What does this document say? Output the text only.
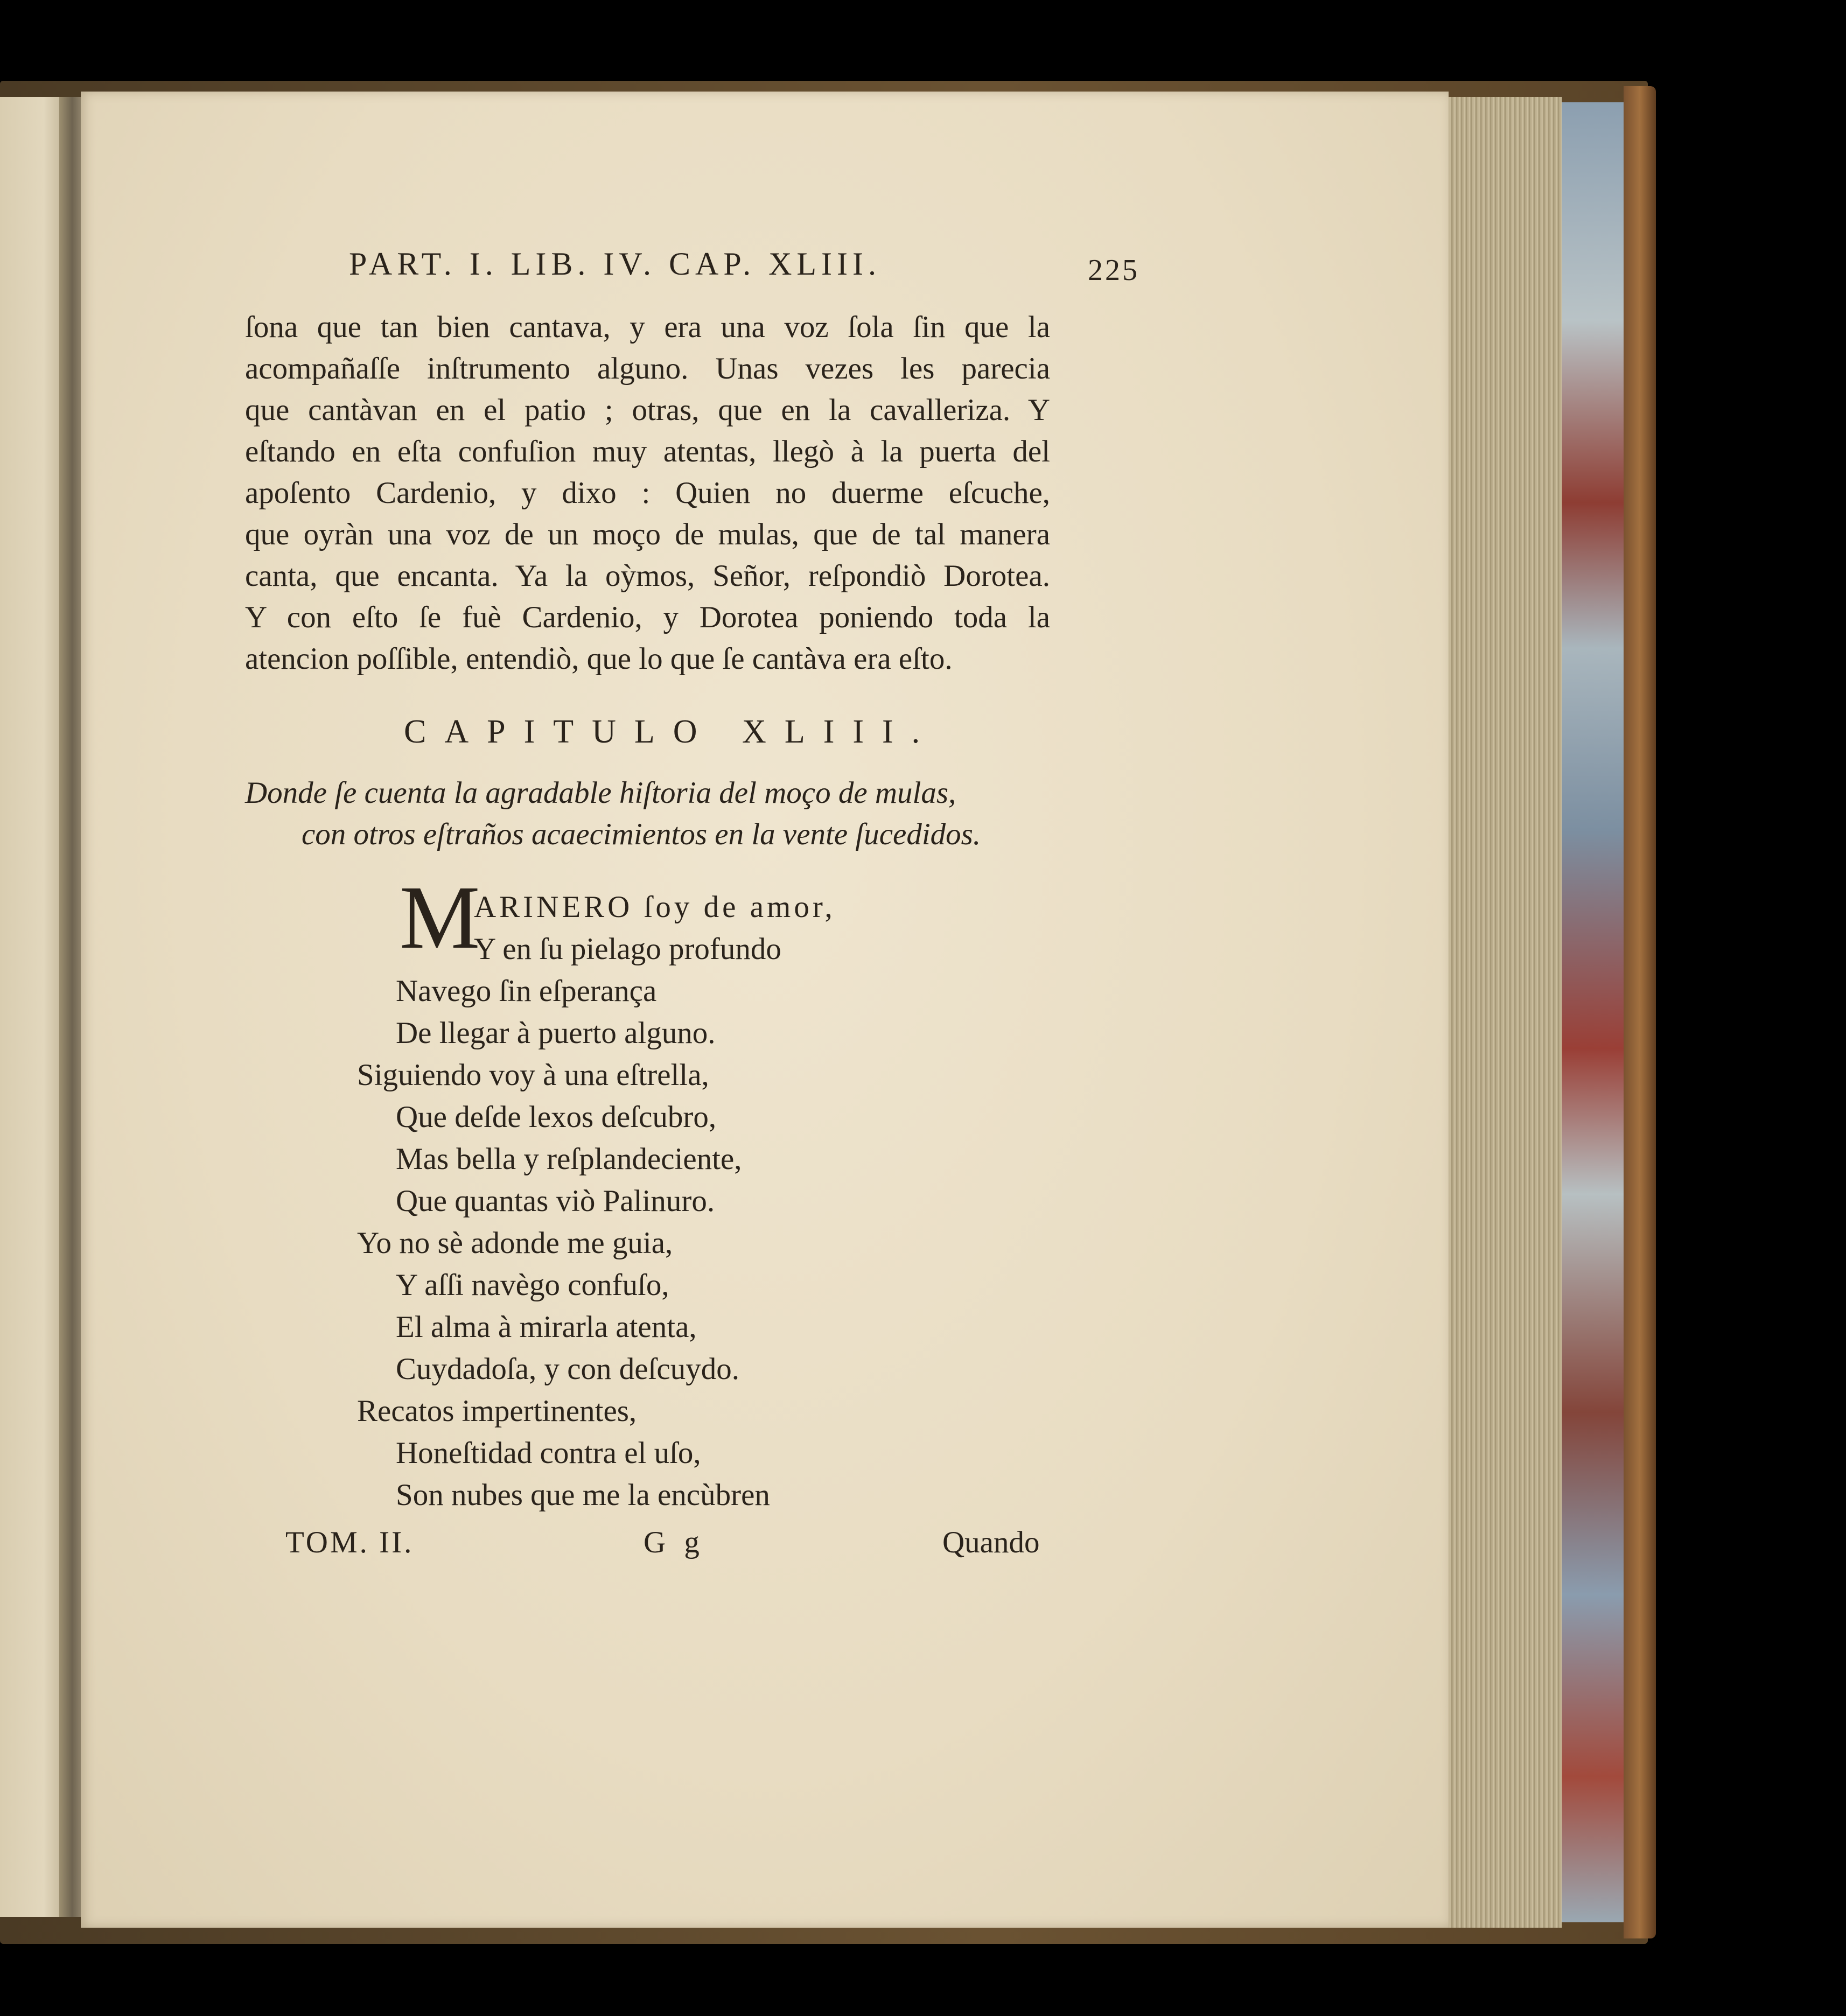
PART. I. LIB. IV. CAP. XLIII.	225
ſona que tan bien cantava, y era una voz ſola ſin que la
acompañaſſe inſtrumento alguno. Unas vezes les parecia
que cantàvan en el patio ; otras, que en la cavalleriza. Y
eſtando en eſta confuſion muy atentas, llegò à la puerta del
apoſento Cardenio, y dixo : Quien no duerme eſcuche,
que oyràn una voz de un moço de mulas, que de tal manera
canta, que encanta. Ya la oỳmos, Señor, reſpondiò Dorotea.
Y con eſto ſe fuè Cardenio, y Dorotea poniendo toda la
atencion poſſible, entendiò, que lo que ſe cantàva era eſto.
CAPITULO XLIII.
Donde ſe cuenta la agradable hiſtoria del moço de mulas,
con otros eſtraños acaecimientos en la vente ſucedidos.
M
ARINERO ſoy de amor,
Y en ſu pielago profundo
Navego ſin eſperança
De llegar à puerto alguno.
Siguiendo voy à una eſtrella,
Que deſde lexos deſcubro,
Mas bella y reſplandeciente,
Que quantas viò Palinuro.
Yo no sè adonde me guia,
Y aſſi navègo confuſo,
El alma à mirarla atenta,
Cuydadoſa, y con deſcuydo.
Recatos impertinentes,
Honeſtidad contra el uſo,
Son nubes que me la encùbren
TOM. II.	G g	Quando
